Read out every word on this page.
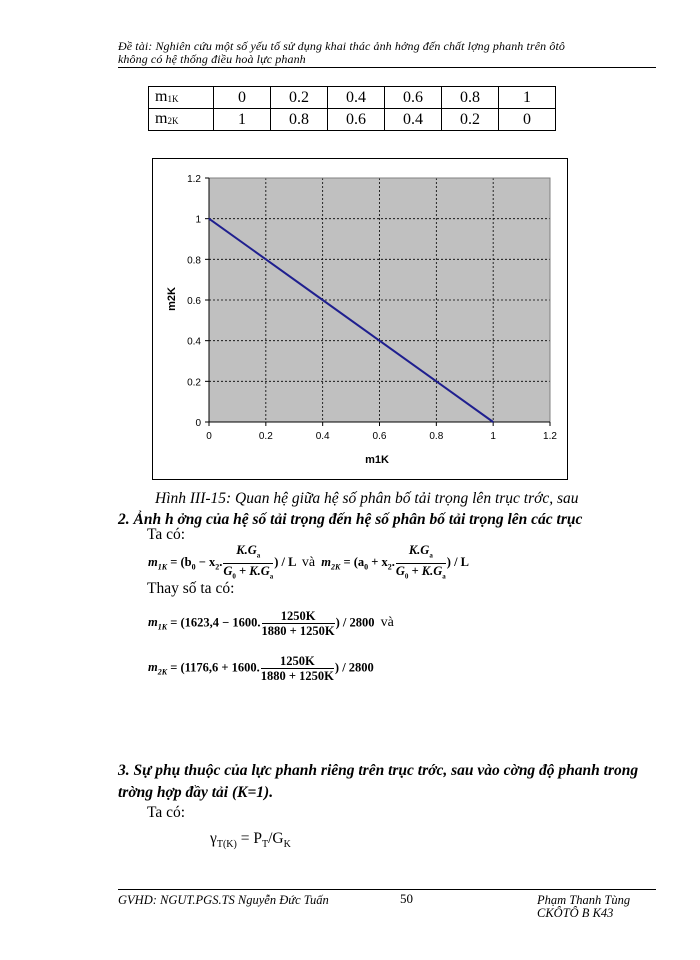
Đề tài: Nghiên cứu một số yếu tố sử dụng khai thác ảnh hởng đến chất lợng phanh trên ôtô
không có hệ thống điều hoà lực phanh
$m_{1K}$	0	0.2	0.4	0.6	0.8	1
$m_{2K}$	1	0.8	0.6	0.4	0.2	0
0	0.2	0.4	0.6	0.8	1	1.2
0
0.2
0.4
0.6
0.8
1
1.2
m1K
m2K
Hình III-15: Quan hệ giữa hệ số phân bố tải trọng lên trục trớc, sau
2. Ảnh h ởng của hệ số tải trọng đến hệ số phân bố tải trọng lên các trục
Ta có:
$m_{1K} = (b_0 - x_2$. $\frac{K.G_a}{G_0 + K.G_a}$ ) / L và $m_{2K} = (a_0 + x_2$. $\frac{K.G_a}{G_0 + K.G_a}$ ) / L
Thay số ta có:
$m_{1K} = (1623,4 - 1600$. $\frac{1250K}{1880 + 1250K}$ ) / 2800 và
$m_{2K} = (1176,6 + 1600$. $\frac{1250K}{1880 + 1250K}$ ) / 2800
3. Sự phụ thuộc của lực phanh riêng trên trục trớc, sau vào cờng độ phanh trong trờng hợp đầy tải (K=1).
Ta có:
$\gamma_{T(K)} = P_T/G_K$
GVHD: NGUT.PGS.TS Nguyễn Đức Tuấn	50	Phạm Thanh Tùng
CKÔTÔ B K43
